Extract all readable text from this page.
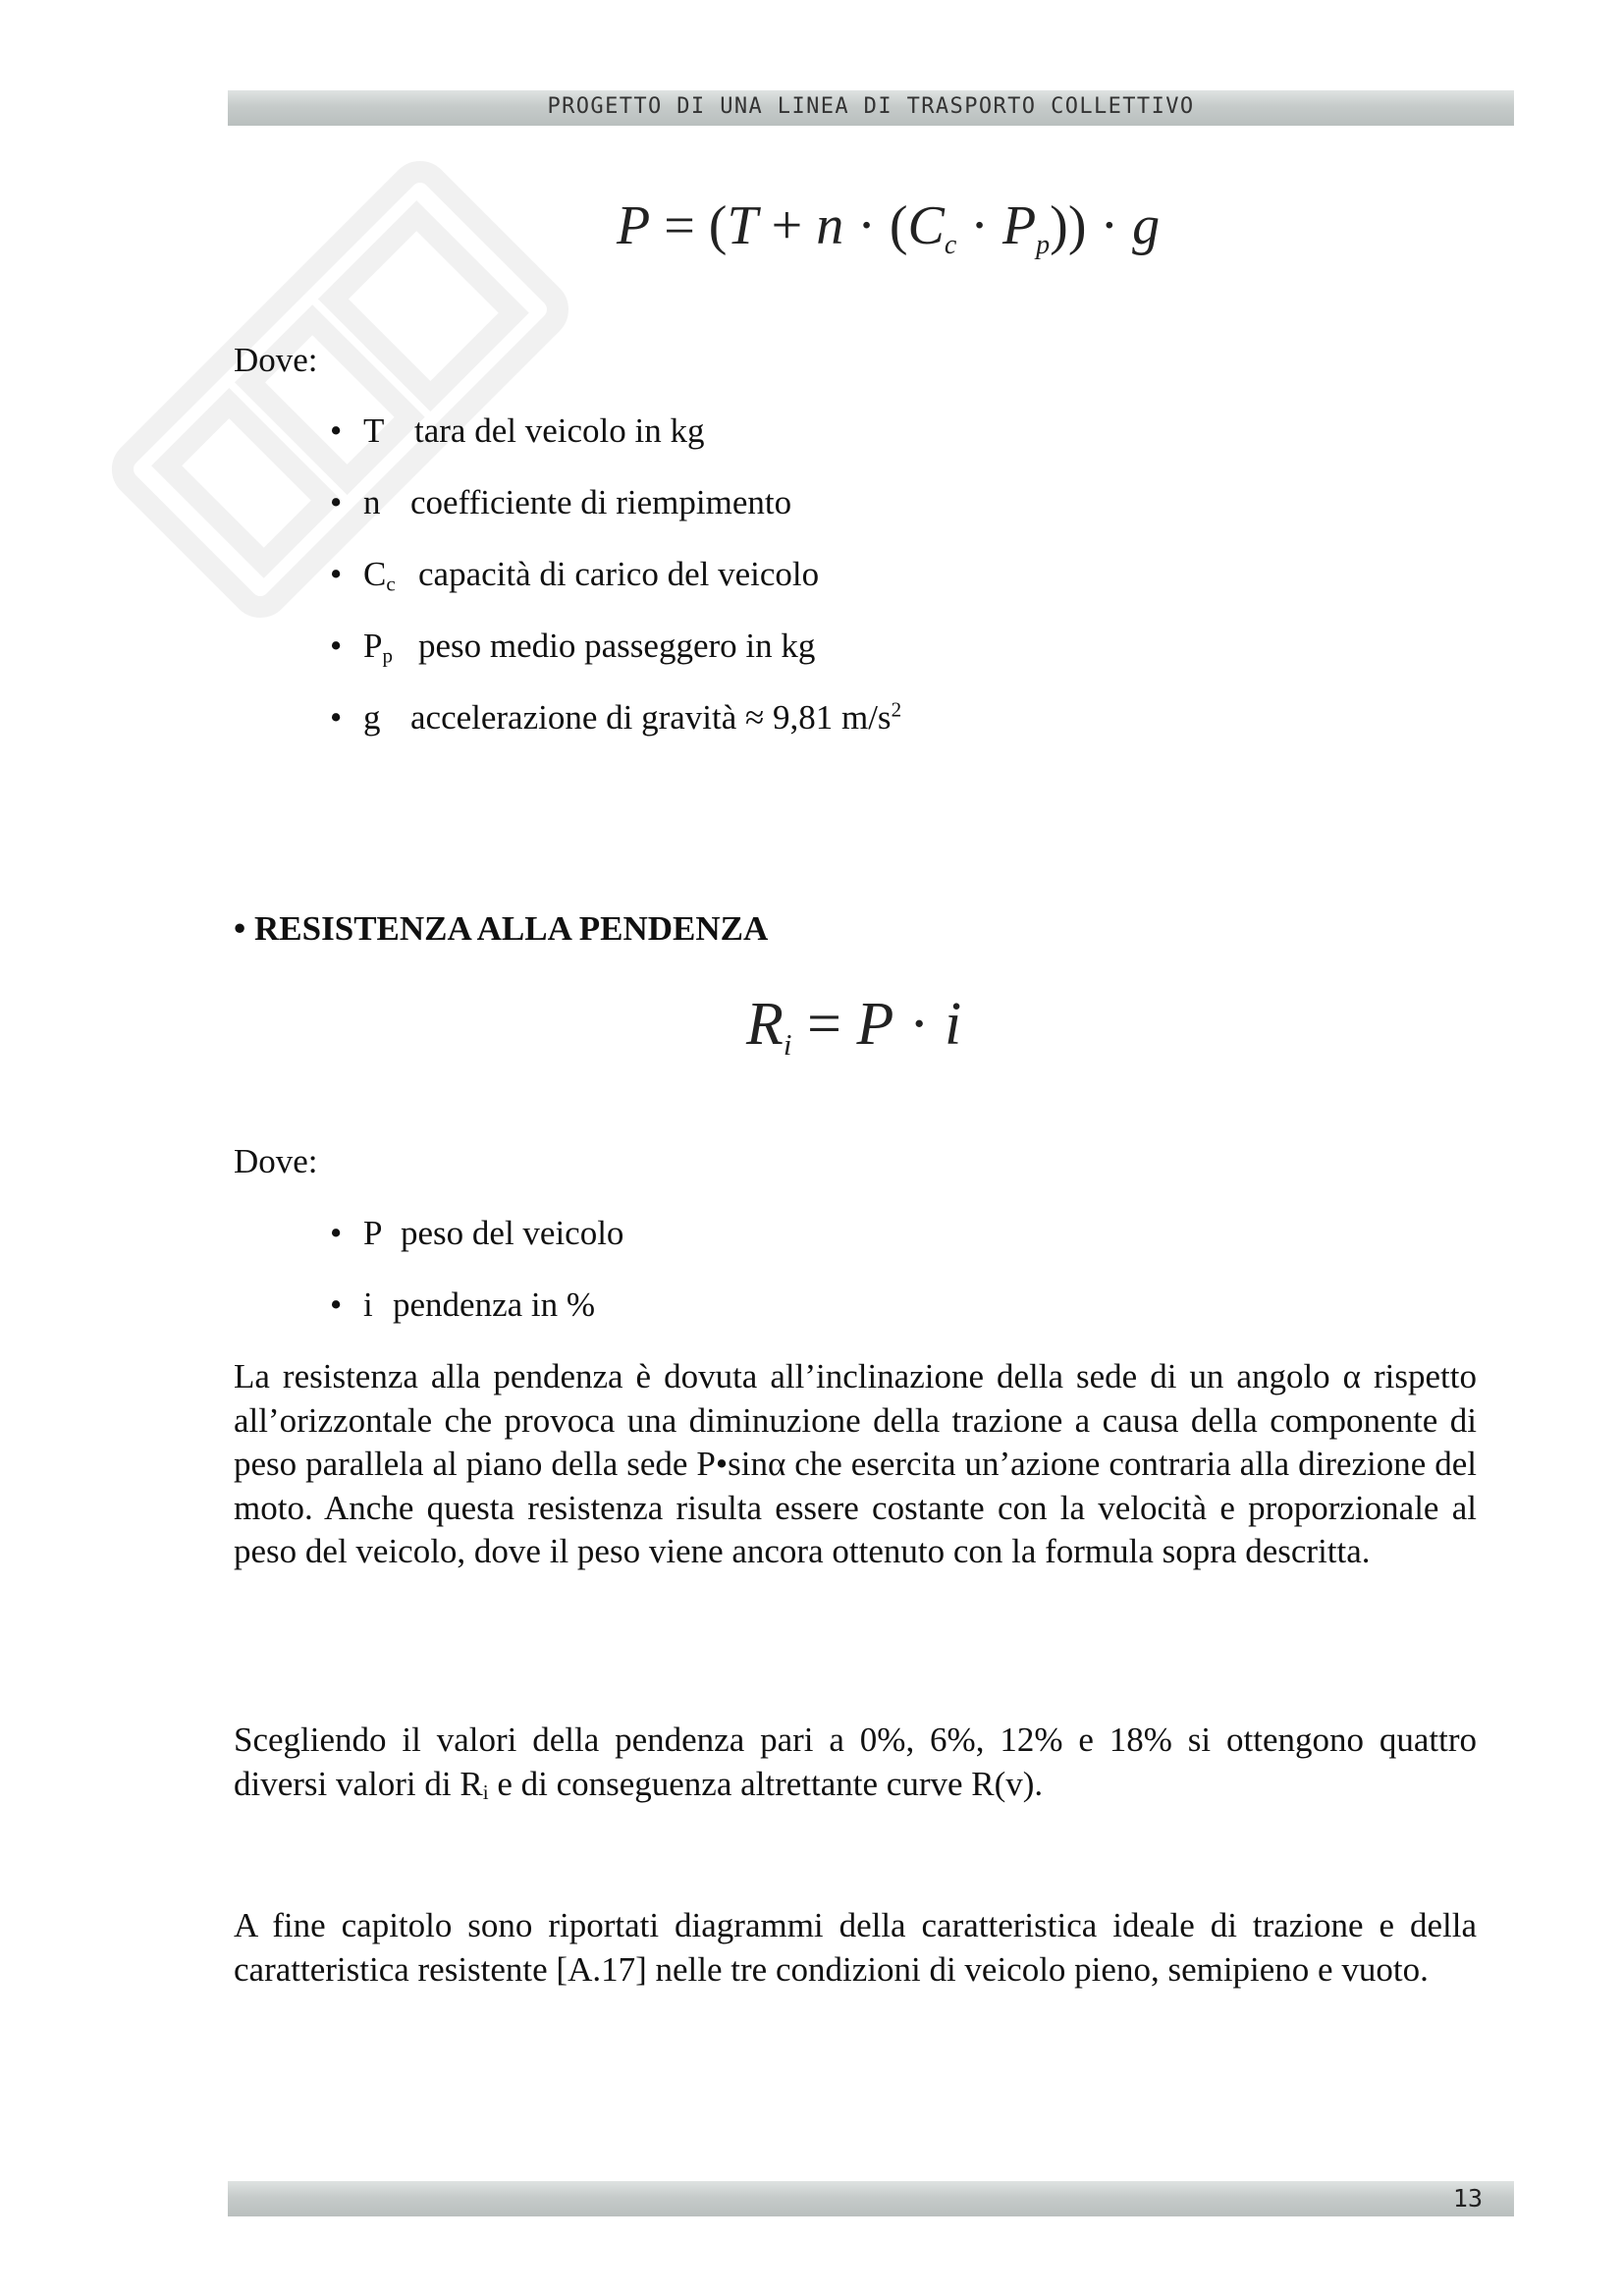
PROGETTO DI UNA LINEA DI TRASPORTO COLLETTIVO
P = (T + n · (Cc · Pp)) · g
Dove:
• T tara del veicolo in kg
• n coefficiente di riempimento
• $C_c$ capacità di carico del veicolo
• $P_p$ peso medio passeggero in kg
• g accelerazione di gravità ≈ 9,81 $m/s^2$
• RESISTENZA ALLA PENDENZA
Ri = P · i
Dove:
• P peso del veicolo
• i pendenza in %
La resistenza alla pendenza è dovuta all’inclinazione della sede di un angolo α rispetto all’orizzontale che provoca una diminuzione della trazione a causa della componente di peso parallela al piano della sede P•sinα che esercita un’azione contraria alla direzione del moto. Anche questa resistenza risulta essere costante con la velocità e proporzionale al peso del veicolo, dove il peso viene ancora ottenuto con la formula sopra descritta.
Scegliendo il valori della pendenza pari a 0%, 6%, 12% e 18% si ottengono quattro diversi valori di $R_i$ e di conseguenza altrettante curve R(v).
A fine capitolo sono riportati diagrammi della caratteristica ideale di trazione e della caratteristica resistente [A.17] nelle tre condizioni di veicolo pieno, semipieno e vuoto.
13
